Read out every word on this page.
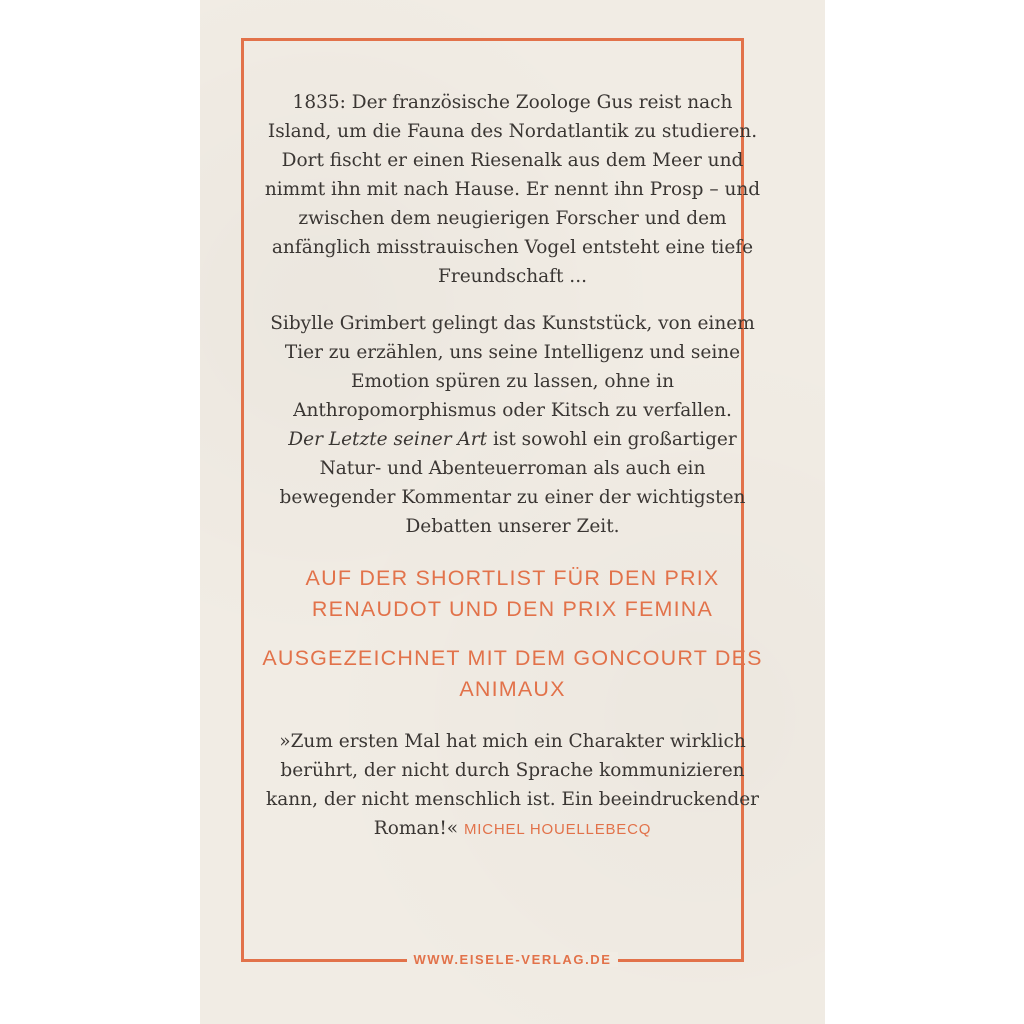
1835: Der französische Zoologe Gus reist nach Island, um die Fauna des Nordatlantik zu studieren. Dort fischt er einen Riesenalk aus dem Meer und nimmt ihn mit nach Hause. Er nennt ihn Prosp – und zwischen dem neugierigen Forscher und dem anfänglich misstrauischen Vogel entsteht eine tiefe Freundschaft ...

Sibylle Grimbert gelingt das Kunststück, von einem Tier zu erzählen, uns seine Intelligenz und seine Emotion spüren zu lassen, ohne in Anthropomorphismus oder Kitsch zu verfallen.
Der Letzte seiner Art ist sowohl ein großartiger Natur- und Abenteuerroman als auch ein bewegender Kommentar zu einer der wichtigsten Debatten unserer Zeit.

AUF DER SHORTLIST FÜR DEN PRIX RENAUDOT UND DEN PRIX FEMINA

AUSGEZEICHNET MIT DEM GONCOURT DES ANIMAUX

»Zum ersten Mal hat mich ein Charakter wirklich berührt, der nicht durch Sprache kommunizieren kann, der nicht menschlich ist. Ein beeindruckender Roman!« MICHEL HOUELLEBECQ

WWW.EISELE-VERLAG.DE
